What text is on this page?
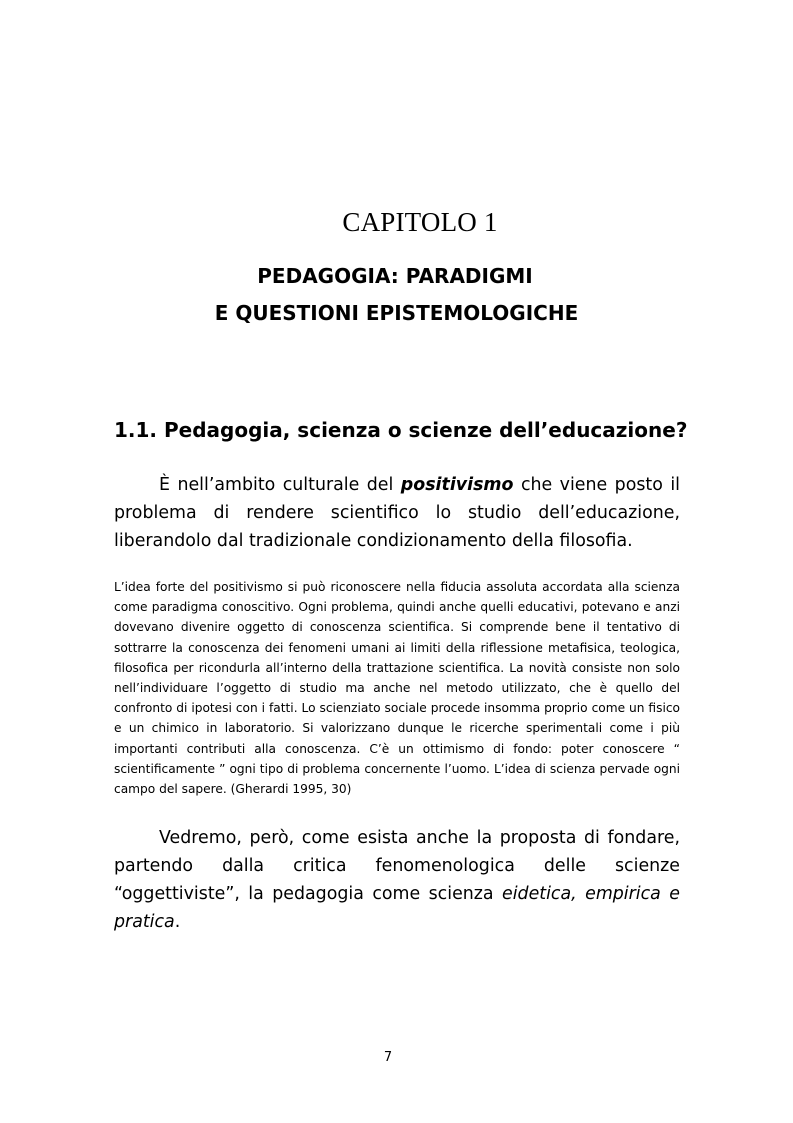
CAPITOLO 1
PEDAGOGIA: PARADIGMI
E QUESTIONI EPISTEMOLOGICHE
1.1. Pedagogia, scienza o scienze dell’educazione?

È nell’ambito culturale del positivismo che viene posto il problema di rendere scientifico lo studio dell’educazione, liberandolo dal tradizionale condizionamento della filosofia.

L’idea forte del positivismo si può riconoscere nella fiducia assoluta accordata alla scienza come paradigma conoscitivo. Ogni problema, quindi anche quelli educativi, potevano e anzi dovevano divenire oggetto di conoscenza scientifica. Si comprende bene il tentativo di sottrarre la conoscenza dei fenomeni umani ai limiti della riflessione metafisica, teologica, filosofica per ricondurla all’interno della trattazione scientifica. La novità consiste non solo nell’individuare l’oggetto di studio ma anche nel metodo utilizzato, che è quello del confronto di ipotesi con i fatti. Lo scienziato sociale procede insomma proprio come un fisico e un chimico in laboratorio. Si valorizzano dunque le ricerche sperimentali come i più importanti contributi alla conoscenza. C’è un ottimismo di fondo: poter conoscere “ scientificamente ” ogni tipo di problema concernente l’uomo. L’idea di scienza pervade ogni campo del sapere. (Gherardi 1995, 30)

Vedremo, però, come esista anche la proposta di fondare, partendo dalla critica fenomenologica delle scienze “oggettiviste”, la pedagogia come scienza eidetica, empirica e pratica.

7
